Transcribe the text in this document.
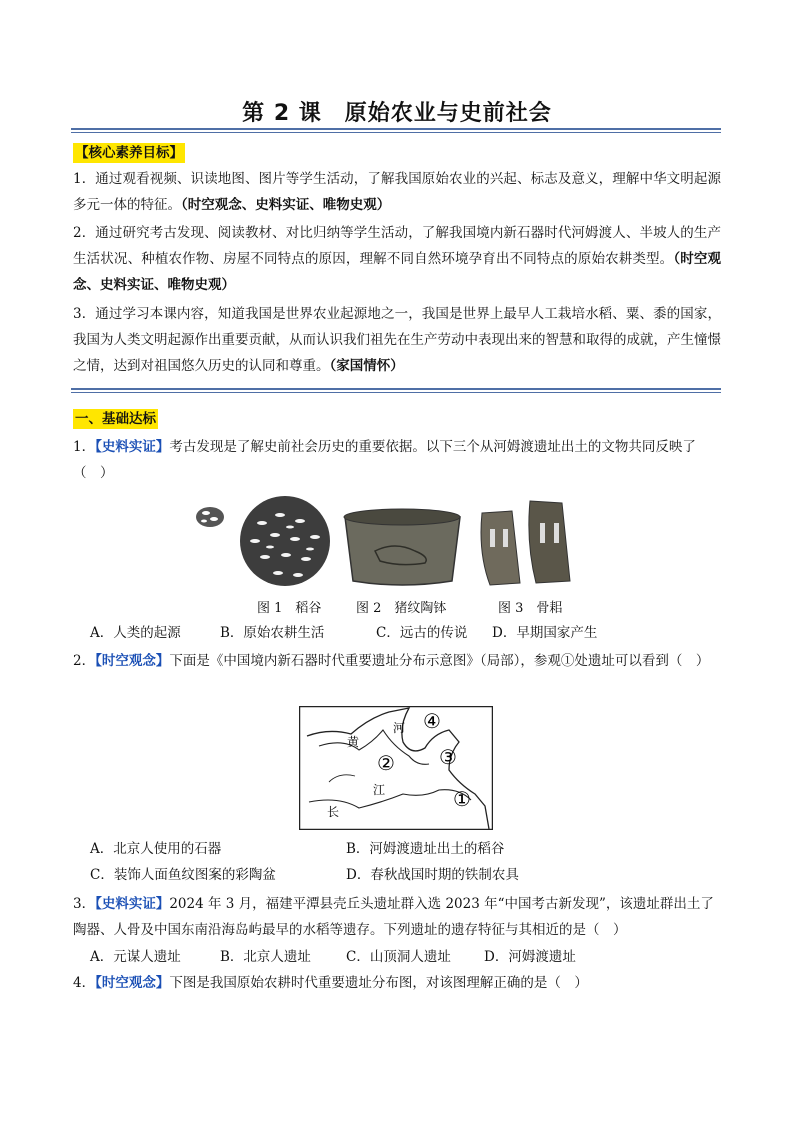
第 2 课　原始农业与史前社会
【核心素养目标】
1．通过观看视频、识读地图、图片等学生活动，了解我国原始农业的兴起、标志及意义，理解中华文明起源多元一体的特征。（时空观念、史料实证、唯物史观）
2．通过研究考古发现、阅读教材、对比归纳等学生活动，了解我国境内新石器时代河姆渡人、半坡人的生产生活状况、种植农作物、房屋不同特点的原因，理解不同自然环境孕育出不同特点的原始农耕类型。（时空观念、史料实证、唯物史观）
3．通过学习本课内容，知道我国是世界农业起源地之一，我国是世界上最早人工栽培水稻、粟、黍的国家，我国为人类文明起源作出重要贡献，从而认识我们祖先在生产劳动中表现出来的智慧和取得的成就，产生憧憬之情，达到对祖国悠久历史的认同和尊重。（家国情怀）
一、基础达标
1．【史料实证】考古发现是了解史前社会历史的重要依据。以下三个从河姆渡遗址出土的文物共同反映了（　）
图 1　稻谷	图 2　猪纹陶钵	图 3　骨耜
A．人类的起源	B．原始农耕生活	C．远古的传说 D．早期国家产生
2．【时空观念】下面是《中国境内新石器时代重要遗址分布示意图》（局部），参观①处遗址可以看到（　）
河
黄
长
江
④
② ③
①
A．北京人使用的石器	B．河姆渡遗址出土的稻谷
C．装饰人面鱼纹图案的彩陶盆	D．春秋战国时期的铁制农具
3．【史料实证】2024 年 3 月，福建平潭县壳丘头遗址群入选 2023 年“中国考古新发现”，该遗址群出土了陶器、人骨及中国东南沿海岛屿最早的水稻等遗存。下列遗址的遗存特征与其相近的是（　）
A．元谋人遗址	B．北京人遗址	C．山顶洞人遗址 D．河姆渡遗址
4．【时空观念】下图是我国原始农耕时代重要遗址分布图，对该图理解正确的是（　）
